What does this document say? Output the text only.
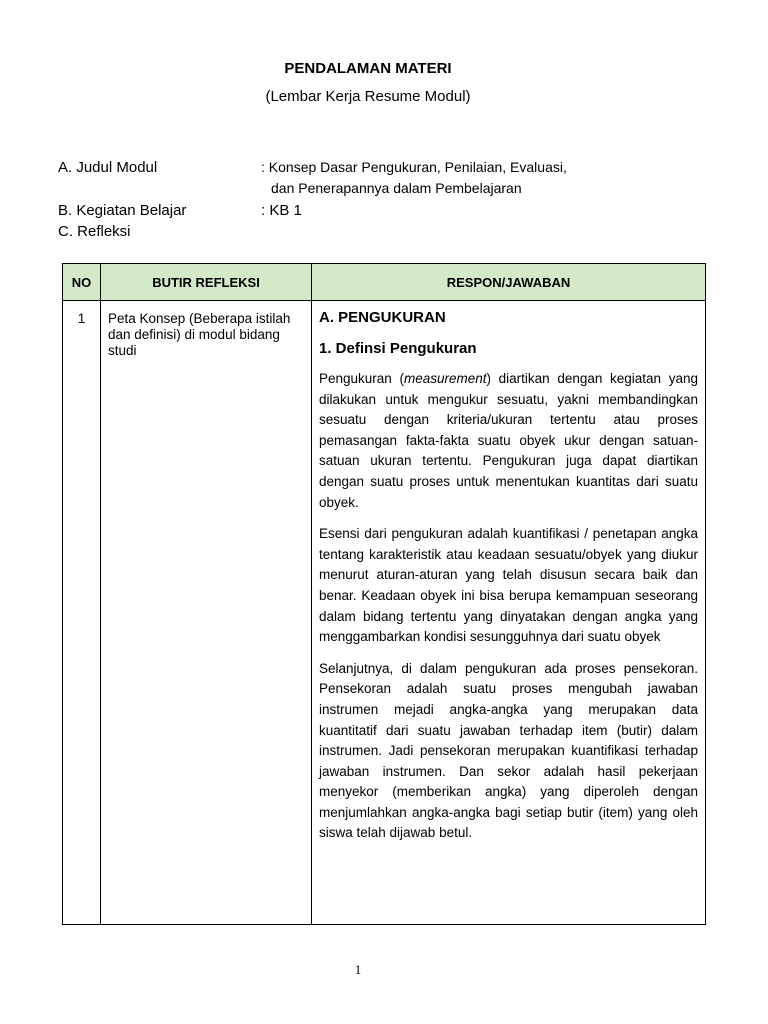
PENDALAMAN MATERI
(Lembar Kerja Resume Modul)
A. Judul Modul	: Konsep Dasar Pengukuran, Penilaian, Evaluasi,
dan Penerapannya dalam Pembelajaran
B. Kegiatan Belajar	: KB 1
C. Refleksi
NO	BUTIR REFLEKSI	RESPON/JAWABAN
1	Peta Konsep (Beberapa istilah dan definisi) di modul bidang studi	A. PENGUKURAN
1. Definsi Pengukuran

Pengukuran (measurement) diartikan dengan kegiatan yang dilakukan untuk mengukur sesuatu, yakni membandingkan sesuatu dengan kriteria/ukuran tertentu atau proses pemasangan fakta-fakta suatu obyek ukur dengan satuan-satuan ukuran tertentu. Pengukuran juga dapat diartikan dengan suatu proses untuk menentukan kuantitas dari suatu obyek.

Esensi dari pengukuran adalah kuantifikasi / penetapan angka tentang karakteristik atau keadaan sesuatu/obyek yang diukur menurut aturan-aturan yang telah disusun secara baik dan benar. Keadaan obyek ini bisa berupa kemampuan seseorang dalam bidang tertentu yang dinyatakan dengan angka yang menggambarkan kondisi sesungguhnya dari suatu obyek

Selanjutnya, di dalam pengukuran ada proses pensekoran. Pensekoran adalah suatu proses mengubah jawaban instrumen mejadi angka-angka yang merupakan data kuantitatif dari suatu jawaban terhadap item (butir) dalam instrumen. Jadi pensekoran merupakan kuantifikasi terhadap jawaban instrumen. Dan sekor adalah hasil pekerjaan menyekor (memberikan angka) yang diperoleh dengan menjumlahkan angka-angka bagi setiap butir (item) yang oleh siswa telah dijawab betul.

1
